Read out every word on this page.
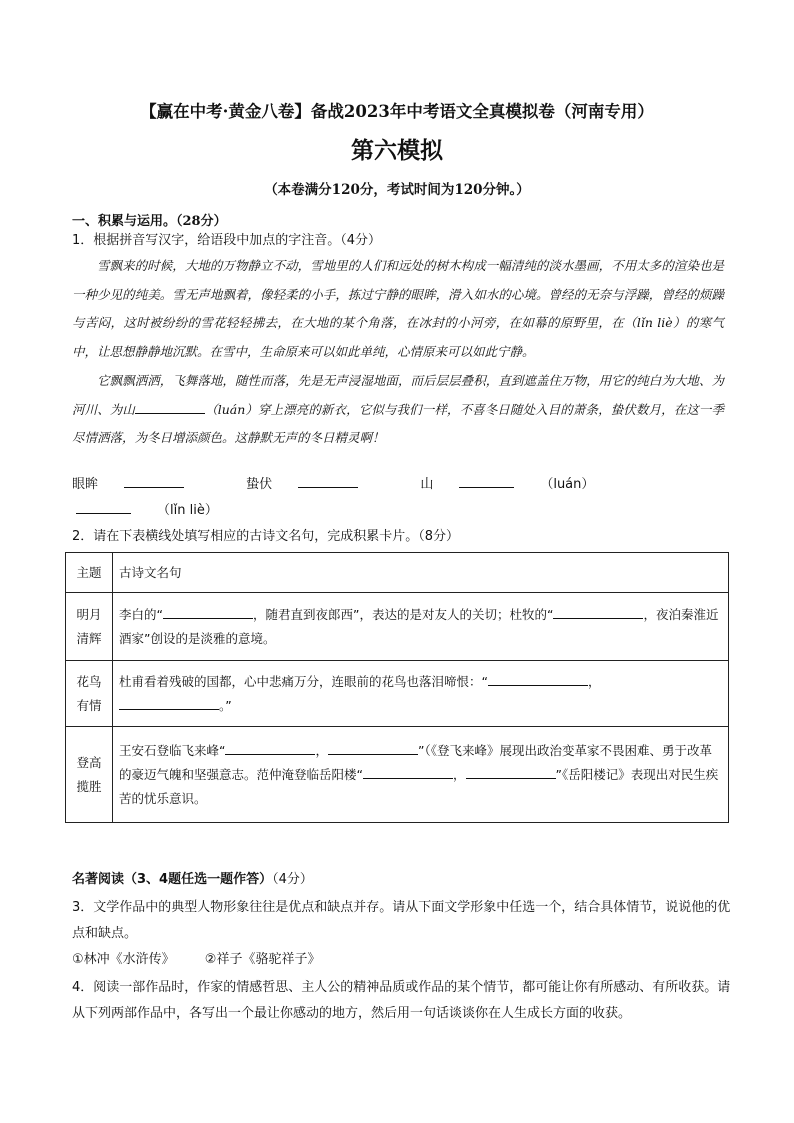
【赢在中考·黄金八卷】备战2023年中考语文全真模拟卷（河南专用）
第六模拟
（本卷满分120分，考试时间为120分钟。）
一、积累与运用。（28分）
1．根据拼音写汉字，给语段中加点的字注音。（4分）

雪飘来的时候，大地的万物静立不动，雪地里的人们和远处的树木构成一幅清纯的淡水墨画，不用太多的渲染也是一种少见的纯美。雪无声地飘着，像轻柔的小手，拣过宁静的眼眸，滑入如水的心境。曾经的无奈与浮躁，曾经的烦躁与苦闷，这时被纷纷的雪花轻轻拂去，在大地的某个角落，在冰封的小河旁，在如幕的原野里，在（lǐn liè）的寒气中，让思想静静地沉默。在雪中，生命原来可以如此单纯，心情原来可以如此宁静。

它飘飘洒洒，飞舞落地，随性而落，先是无声浸湿地面，而后层层叠积，直到遮盖住万物，用它的纯白为大地、为河川、为山	（luán）穿上漂亮的新衣，它似与我们一样，不喜冬日随处入目的萧条，蛰伏数月，在这一季尽情洒落，为冬日增添颜色。这静默无声的冬日精灵啊！

眼眸	蛰伏	山	（luán） （lǐn liè）
2．请在下表横线处填写相应的古诗文名句，完成积累卡片。（8分）
主题	古诗文名句
明月清辉	李白的“ ，随君直到夜郎西”，表达的是对友人的关切；杜牧的“ ，夜泊秦淮近酒家”创设的是淡雅的意境。
花鸟有情	杜甫看着残破的国都，心中悲痛万分，连眼前的花鸟也落泪啼恨：“ ，
。”
登高揽胜	王安石登临飞来峰“ ， ”（《登飞来峰》展现出政治变革家不畏困难、勇于改革的豪迈气魄和坚强意志。范仲淹登临岳阳楼“ ， ”《岳阳楼记》表现出对民生疾苦的忧乐意识。
名著阅读（3、4题任选一题作答）（4分）
3．文学作品中的典型人物形象往往是优点和缺点并存。请从下面文学形象中任选一个，结合具体情节，说说他的优点和缺点。
①林冲《水浒传》 ②祥子《骆驼祥子》
4．阅读一部作品时，作家的情感哲思、主人公的精神品质或作品的某个情节，都可能让你有所感动、有所收获。请从下列两部作品中，各写出一个最让你感动的地方，然后用一句话谈谈你在人生成长方面的收获。
